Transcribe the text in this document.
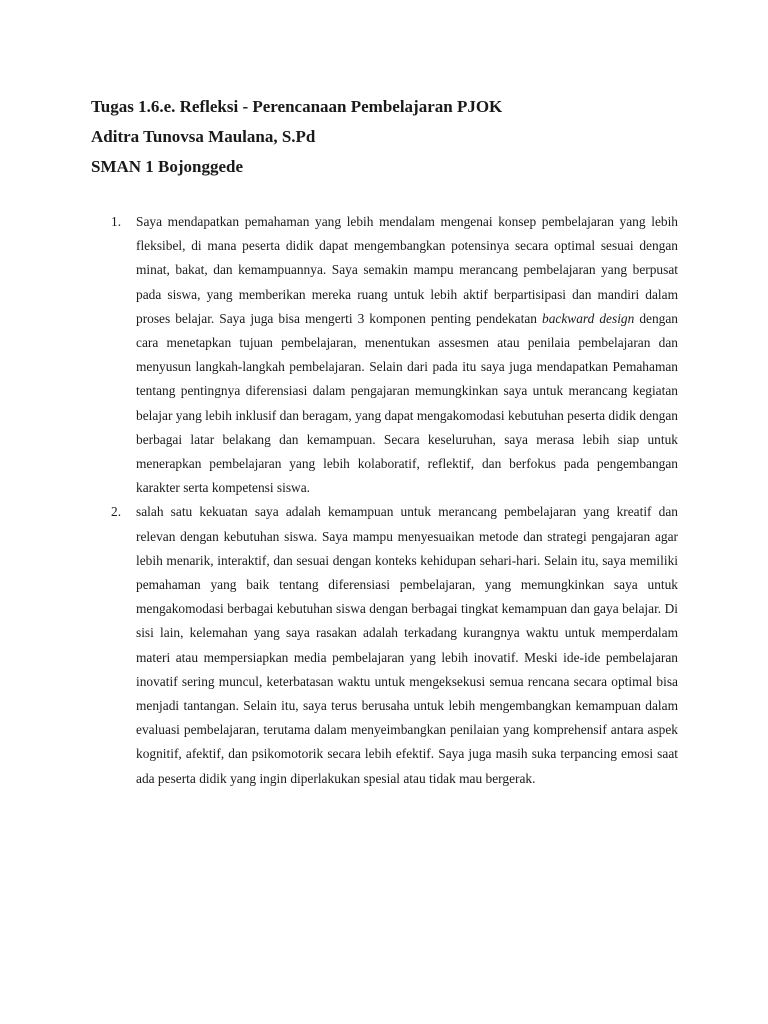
Tugas 1.6.e. Refleksi - Perencanaan Pembelajaran PJOK

Aditra Tunovsa Maulana, S.Pd

SMAN 1 Bojonggede

1. Saya mendapatkan pemahaman yang lebih mendalam mengenai konsep pembelajaran yang lebih fleksibel, di mana peserta didik dapat mengembangkan potensinya secara optimal sesuai dengan minat, bakat, dan kemampuannya. Saya semakin mampu merancang pembelajaran yang berpusat pada siswa, yang memberikan mereka ruang untuk lebih aktif berpartisipasi dan mandiri dalam proses belajar. Saya juga bisa mengerti 3 komponen penting pendekatan backward design dengan cara menetapkan tujuan pembelajaran, menentukan assesmen atau penilaia pembelajaran dan menyusun langkah-langkah pembelajaran. Selain dari pada itu saya juga mendapatkan Pemahaman tentang pentingnya diferensiasi dalam pengajaran memungkinkan saya untuk merancang kegiatan belajar yang lebih inklusif dan beragam, yang dapat mengakomodasi kebutuhan peserta didik dengan berbagai latar belakang dan kemampuan. Secara keseluruhan, saya merasa lebih siap untuk menerapkan pembelajaran yang lebih kolaboratif, reflektif, dan berfokus pada pengembangan karakter serta kompetensi siswa.
2. salah satu kekuatan saya adalah kemampuan untuk merancang pembelajaran yang kreatif dan relevan dengan kebutuhan siswa. Saya mampu menyesuaikan metode dan strategi pengajaran agar lebih menarik, interaktif, dan sesuai dengan konteks kehidupan sehari-hari. Selain itu, saya memiliki pemahaman yang baik tentang diferensiasi pembelajaran, yang memungkinkan saya untuk mengakomodasi berbagai kebutuhan siswa dengan berbagai tingkat kemampuan dan gaya belajar. Di sisi lain, kelemahan yang saya rasakan adalah terkadang kurangnya waktu untuk memperdalam materi atau mempersiapkan media pembelajaran yang lebih inovatif. Meski ide-ide pembelajaran inovatif sering muncul, keterbatasan waktu untuk mengeksekusi semua rencana secara optimal bisa menjadi tantangan. Selain itu, saya terus berusaha untuk lebih mengembangkan kemampuan dalam evaluasi pembelajaran, terutama dalam menyeimbangkan penilaian yang komprehensif antara aspek kognitif, afektif, dan psikomotorik secara lebih efektif. Saya juga masih suka terpancing emosi saat ada peserta didik yang ingin diperlakukan spesial atau tidak mau bergerak.
